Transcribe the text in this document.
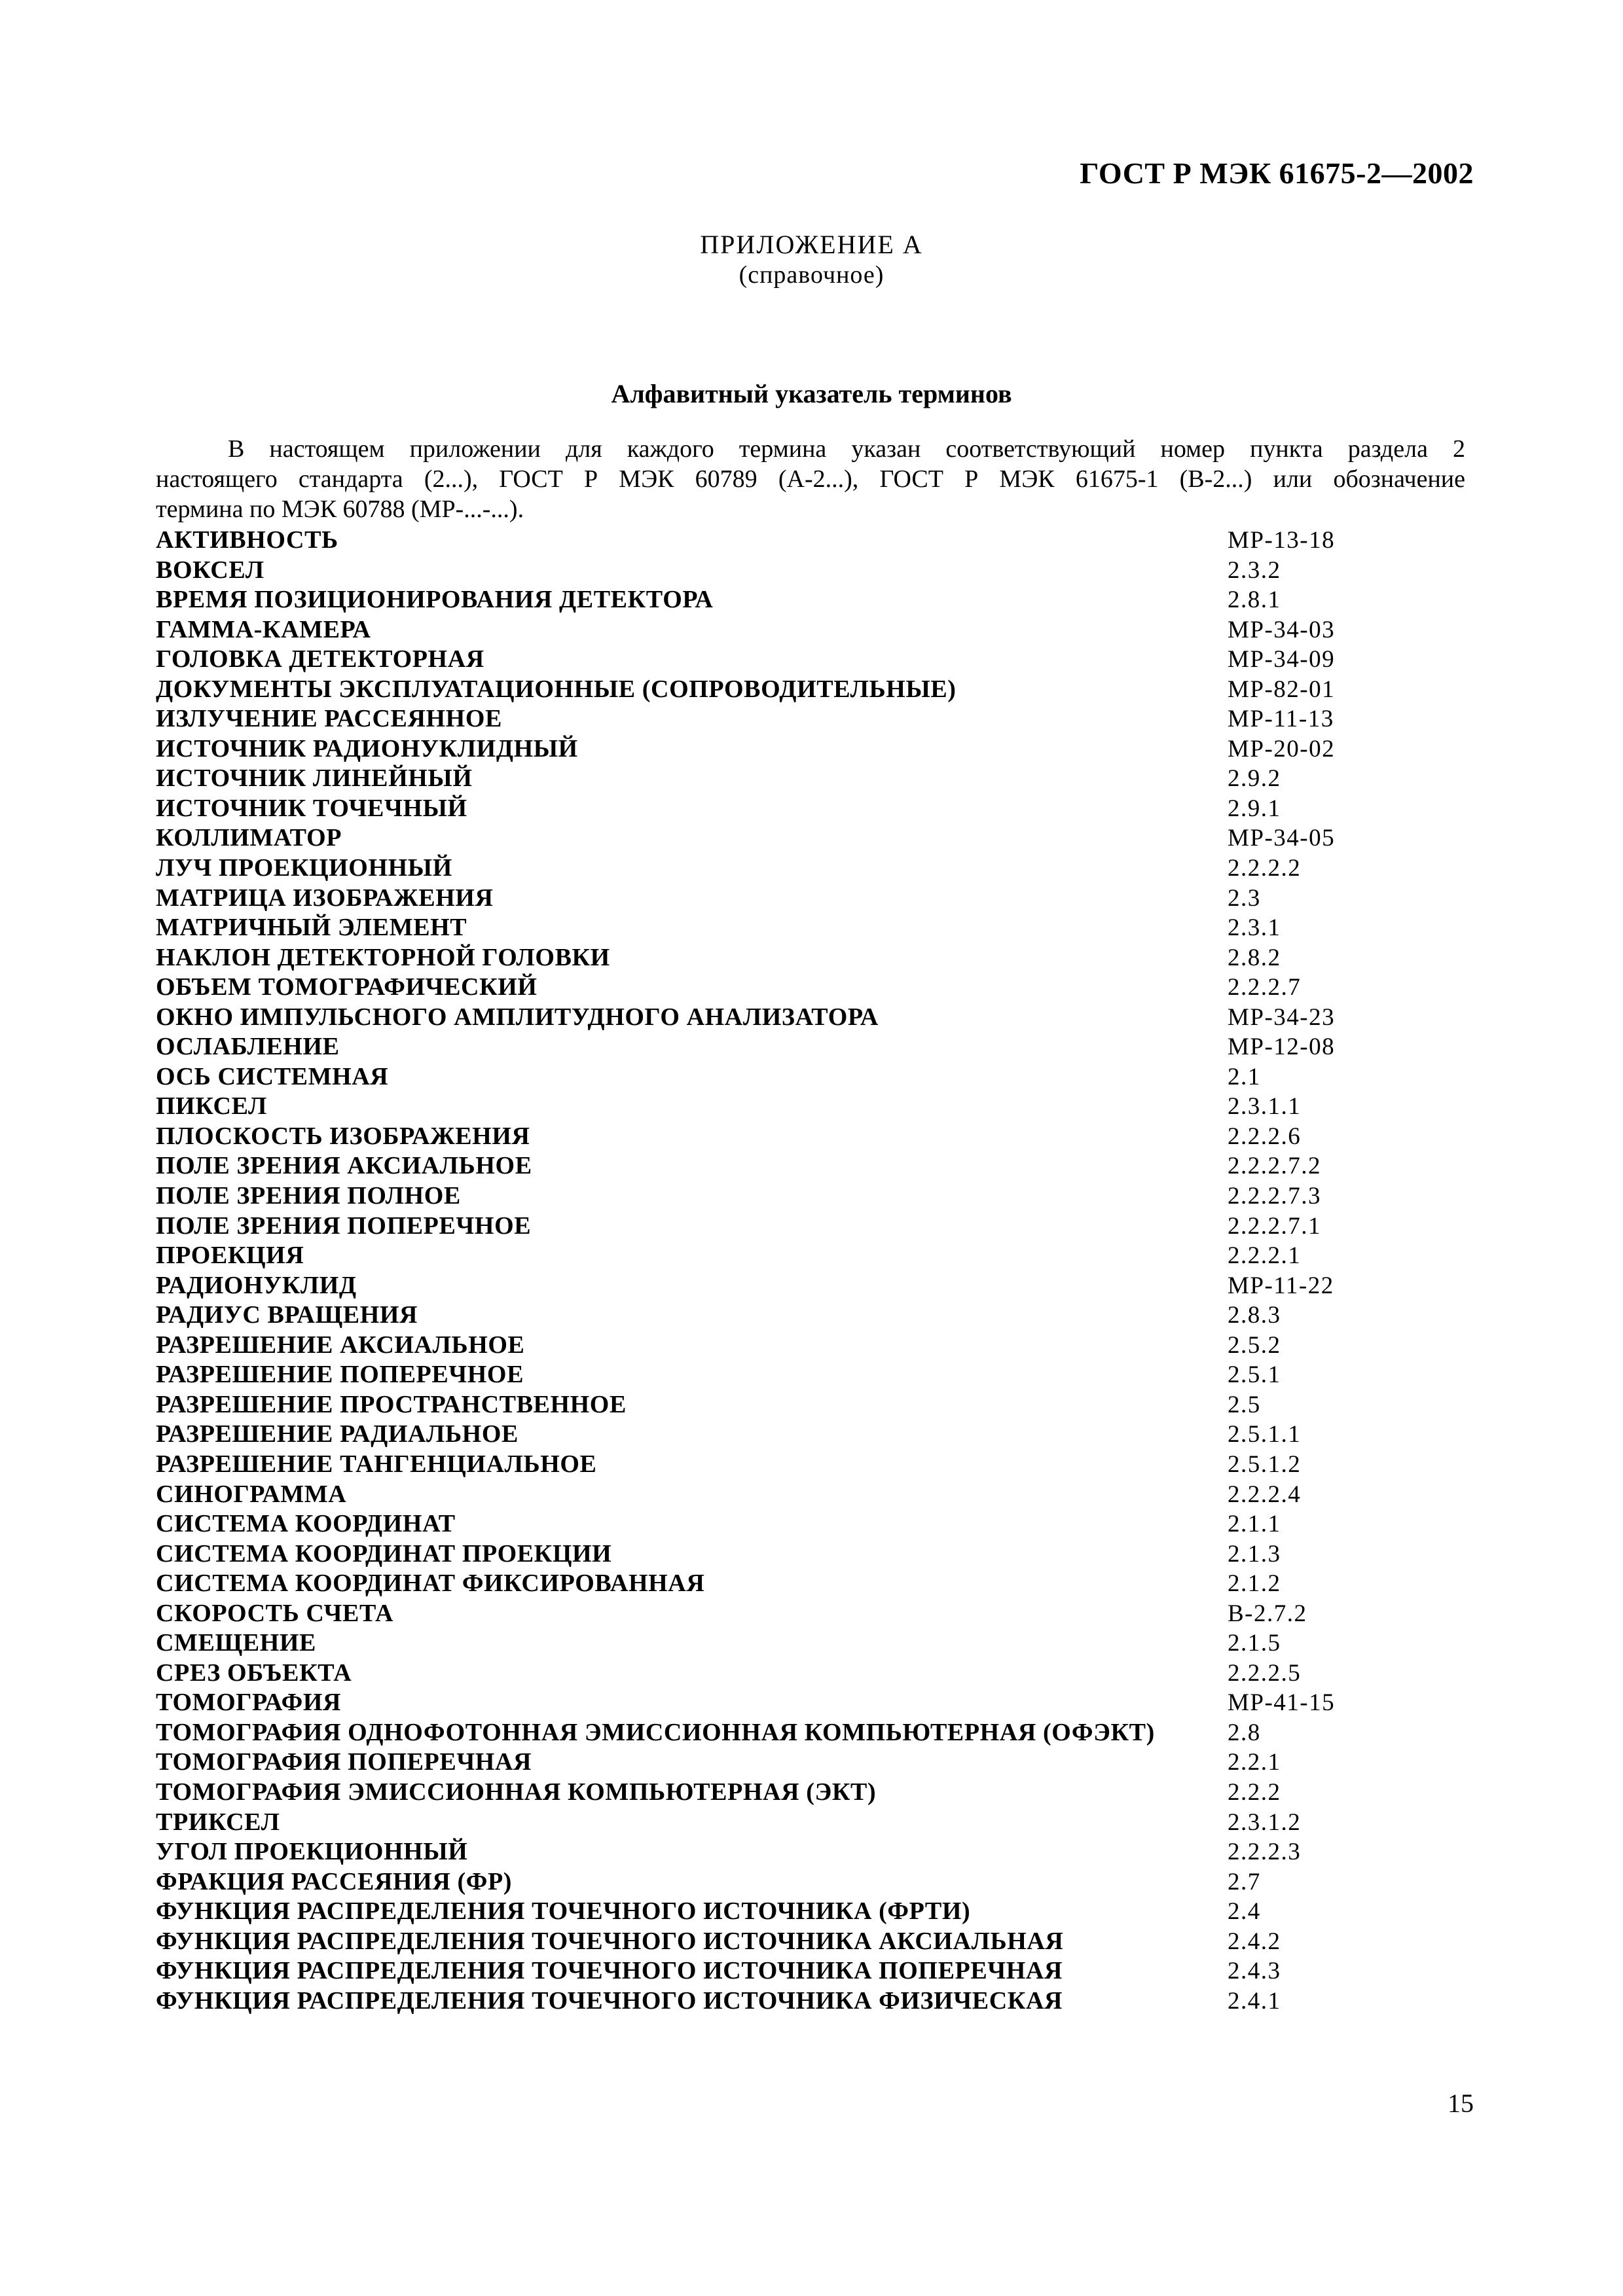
ГОСТ Р МЭК 61675-2—2002
ПРИЛОЖЕНИЕ А
(справочное)
Алфавитный указатель терминов
В настоящем приложении для каждого термина указан соответствующий номер пункта раздела 2
настоящего стандарта (2...), ГОСТ Р МЭК 60789 (А-2...), ГОСТ Р МЭК 61675-1 (В-2...) или обозначение
термина по МЭК 60788 (МР-...-...).
АКТИВНОСТЬ	МР-13-18
ВОКСЕЛ	2.3.2
ВРЕМЯ ПОЗИЦИОНИРОВАНИЯ ДЕТЕКТОРА	2.8.1
ГАММА-КАМЕРА	МР-34-03
ГОЛОВКА ДЕТЕКТОРНАЯ	МР-34-09
ДОКУМЕНТЫ ЭКСПЛУАТАЦИОННЫЕ (СОПРОВОДИТЕЛЬНЫЕ)	МР-82-01
ИЗЛУЧЕНИЕ РАССЕЯННОЕ	МР-11-13
ИСТОЧНИК РАДИОНУКЛИДНЫЙ	МР-20-02
ИСТОЧНИК ЛИНЕЙНЫЙ	2.9.2
ИСТОЧНИК ТОЧЕЧНЫЙ	2.9.1
КОЛЛИМАТОР	МР-34-05
ЛУЧ ПРОЕКЦИОННЫЙ	2.2.2.2
МАТРИЦА ИЗОБРАЖЕНИЯ	2.3
МАТРИЧНЫЙ ЭЛЕМЕНТ	2.3.1
НАКЛОН ДЕТЕКТОРНОЙ ГОЛОВКИ	2.8.2
ОБЪЕМ ТОМОГРАФИЧЕСКИЙ	2.2.2.7
ОКНО ИМПУЛЬСНОГО АМПЛИТУДНОГО АНАЛИЗАТОРА	МР-34-23
ОСЛАБЛЕНИЕ	МР-12-08
ОСЬ СИСТЕМНАЯ	2.1
ПИКСЕЛ	2.3.1.1
ПЛОСКОСТЬ ИЗОБРАЖЕНИЯ	2.2.2.6
ПОЛЕ ЗРЕНИЯ АКСИАЛЬНОЕ	2.2.2.7.2
ПОЛЕ ЗРЕНИЯ ПОЛНОЕ	2.2.2.7.3
ПОЛЕ ЗРЕНИЯ ПОПЕРЕЧНОЕ	2.2.2.7.1
ПРОЕКЦИЯ	2.2.2.1
РАДИОНУКЛИД	МР-11-22
РАДИУС ВРАЩЕНИЯ	2.8.3
РАЗРЕШЕНИЕ АКСИАЛЬНОЕ	2.5.2
РАЗРЕШЕНИЕ ПОПЕРЕЧНОЕ	2.5.1
РАЗРЕШЕНИЕ ПРОСТРАНСТВЕННОЕ	2.5
РАЗРЕШЕНИЕ РАДИАЛЬНОЕ	2.5.1.1
РАЗРЕШЕНИЕ ТАНГЕНЦИАЛЬНОЕ	2.5.1.2
СИНОГРАММА	2.2.2.4
СИСТЕМА КООРДИНАТ	2.1.1
СИСТЕМА КООРДИНАТ ПРОЕКЦИИ	2.1.3
СИСТЕМА КООРДИНАТ ФИКСИРОВАННАЯ	2.1.2
СКОРОСТЬ СЧЕТА	В-2.7.2
СМЕЩЕНИЕ	2.1.5
СРЕЗ ОБЪЕКТА	2.2.2.5
ТОМОГРАФИЯ	МР-41-15
ТОМОГРАФИЯ ОДНОФОТОННАЯ ЭМИССИОННАЯ КОМПЬЮТЕРНАЯ (ОФЭКТ)	2.8
ТОМОГРАФИЯ ПОПЕРЕЧНАЯ	2.2.1
ТОМОГРАФИЯ ЭМИССИОННАЯ КОМПЬЮТЕРНАЯ (ЭКТ)	2.2.2
ТРИКСЕЛ	2.3.1.2
УГОЛ ПРОЕКЦИОННЫЙ	2.2.2.3
ФРАКЦИЯ РАССЕЯНИЯ (ФР)	2.7
ФУНКЦИЯ РАСПРЕДЕЛЕНИЯ ТОЧЕЧНОГО ИСТОЧНИКА (ФРТИ)	2.4
ФУНКЦИЯ РАСПРЕДЕЛЕНИЯ ТОЧЕЧНОГО ИСТОЧНИКА АКСИАЛЬНАЯ	2.4.2
ФУНКЦИЯ РАСПРЕДЕЛЕНИЯ ТОЧЕЧНОГО ИСТОЧНИКА ПОПЕРЕЧНАЯ	2.4.3
ФУНКЦИЯ РАСПРЕДЕЛЕНИЯ ТОЧЕЧНОГО ИСТОЧНИКА ФИЗИЧЕСКАЯ	2.4.1
15
